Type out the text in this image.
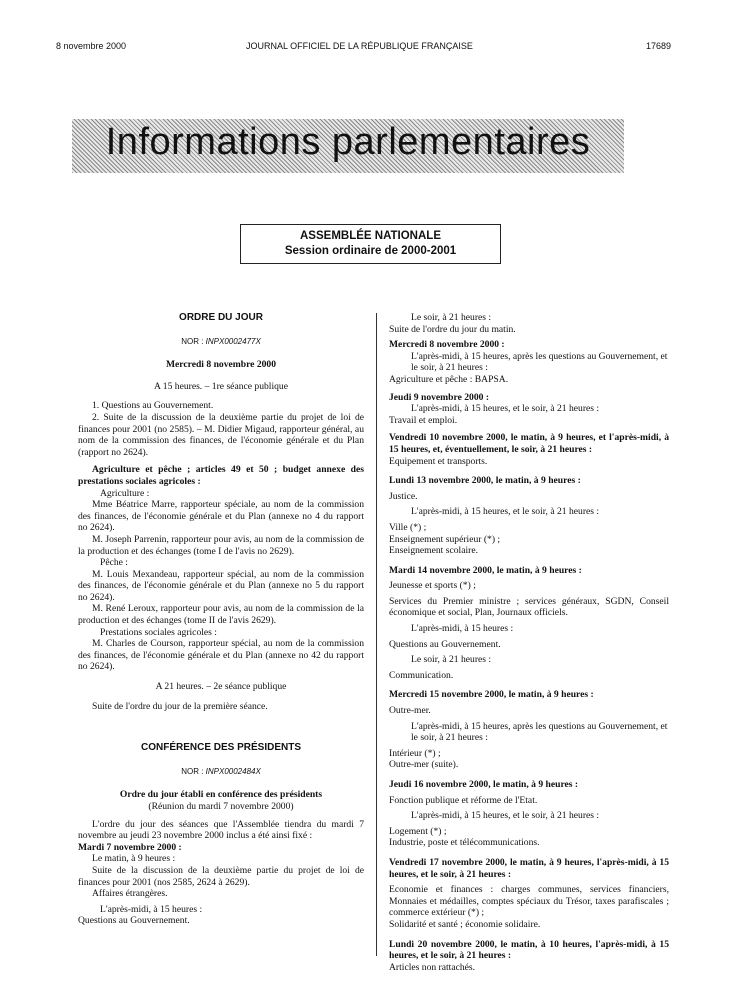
8 novembre 2000	JOURNAL OFFICIEL DE LA RÉPUBLIQUE FRANÇAISE	17689
Informations parlementaires
ASSEMBLÉE NATIONALE
Session ordinaire de 2000-2001

ORDRE DU JOUR

NOR : INPX0002477X

Mercredi 8 novembre 2000

A 15 heures. – 1re séance publique

1. Questions au Gouvernement.

2. Suite de la discussion de la deuxième partie du projet de loi de finances pour 2001 (no 2585). – M. Didier Migaud, rapporteur général, au nom de la commission des finances, de l'économie générale et du Plan (rapport no 2624).

Agriculture et pêche ; articles 49 et 50 ; budget annexe des prestations sociales agricoles :

Agriculture :

Mme Béatrice Marre, rapporteur spéciale, au nom de la commission des finances, de l'économie générale et du Plan (annexe no 4 du rapport no 2624).

M. Joseph Parrenin, rapporteur pour avis, au nom de la commission de la production et des échanges (tome I de l'avis no 2629).

Pêche :

M. Louis Mexandeau, rapporteur spécial, au nom de la commission des finances, de l'économie générale et du Plan (annexe no 5 du rapport no 2624).

M. René Leroux, rapporteur pour avis, au nom de la commission de la production et des échanges (tome II de l'avis 2629).

Prestations sociales agricoles :

M. Charles de Courson, rapporteur spécial, au nom de la commission des finances, de l'économie générale et du Plan (annexe no 42 du rapport no 2624).

A 21 heures. – 2e séance publique

Suite de l'ordre du jour de la première séance.

CONFÉRENCE DES PRÉSIDENTS

NOR : INPX0002484X

Ordre du jour établi en conférence des présidents

(Réunion du mardi 7 novembre 2000)

L'ordre du jour des séances que l'Assemblée tiendra du mardi 7 novembre au jeudi 23 novembre 2000 inclus a été ainsi fixé :

Mardi 7 novembre 2000 :

Le matin, à 9 heures :

Suite de la discussion de la deuxième partie du projet de loi de finances pour 2001 (nos 2585, 2624 à 2629).

Affaires étrangères.

L'après-midi, à 15 heures :

Questions au Gouvernement.

Le soir, à 21 heures :

Suite de l'ordre du jour du matin.

Mercredi 8 novembre 2000 :

L'après-midi, à 15 heures, après les questions au Gouvernement, et le soir, à 21 heures :

Agriculture et pêche : BAPSA.

Jeudi 9 novembre 2000 :

L'après-midi, à 15 heures, et le soir, à 21 heures :

Travail et emploi.

Vendredi 10 novembre 2000, le matin, à 9 heures, et l'après-midi, à 15 heures, et, éventuellement, le soir, à 21 heures :

Equipement et transports.

Lundi 13 novembre 2000, le matin, à 9 heures :

Justice.

L'après-midi, à 15 heures, et le soir, à 21 heures :

Ville (*) ;

Enseignement supérieur (*) ;

Enseignement scolaire.

Mardi 14 novembre 2000, le matin, à 9 heures :

Jeunesse et sports (*) ;

Services du Premier ministre ; services généraux, SGDN, Conseil économique et social, Plan, Journaux officiels.

L'après-midi, à 15 heures :

Questions au Gouvernement.

Le soir, à 21 heures :

Communication.

Mercredi 15 novembre 2000, le matin, à 9 heures :

Outre-mer.

L'après-midi, à 15 heures, après les questions au Gouvernement, et le soir, à 21 heures :

Intérieur (*) ;

Outre-mer (suite).

Jeudi 16 novembre 2000, le matin, à 9 heures :

Fonction publique et réforme de l'Etat.

L'après-midi, à 15 heures, et le soir, à 21 heures :

Logement (*) ;

Industrie, poste et télécommunications.

Vendredi 17 novembre 2000, le matin, à 9 heures, l'après-midi, à 15 heures, et le soir, à 21 heures :

Economie et finances : charges communes, services financiers, Monnaies et médailles, comptes spéciaux du Trésor, taxes parafiscales ; commerce extérieur (*) ;

Solidarité et santé ; économie solidaire.

Lundi 20 novembre 2000, le matin, à 10 heures, l'après-midi, à 15 heures, et le soir, à 21 heures :

Articles non rattachés.
